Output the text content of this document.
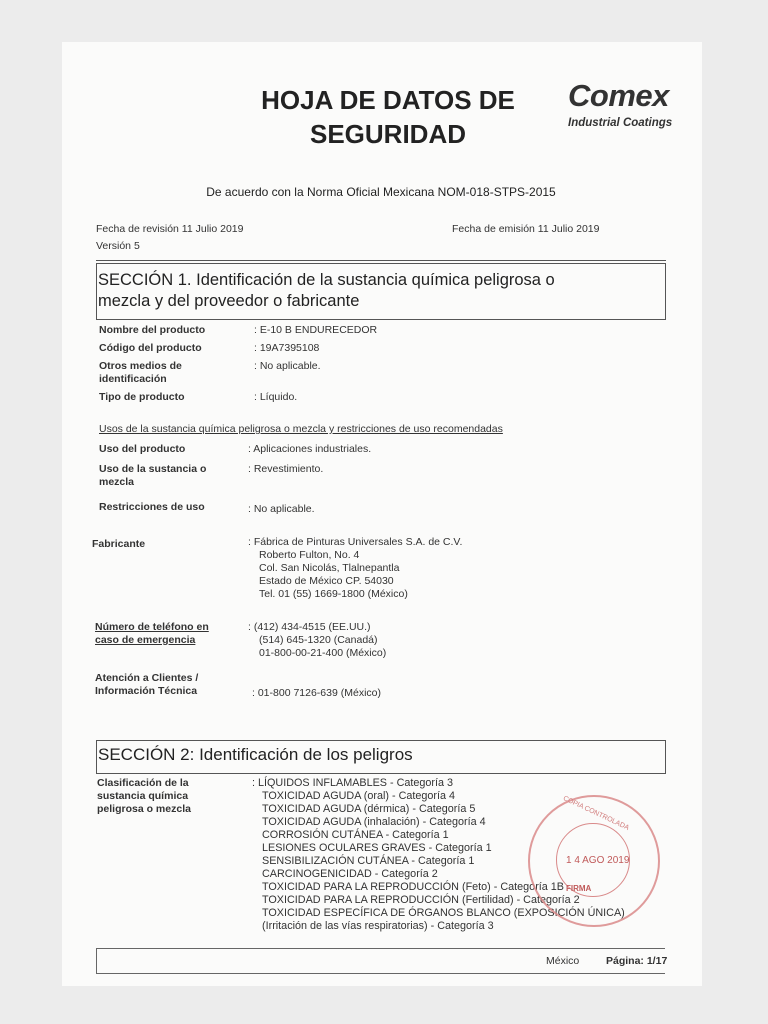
HOJA DE DATOS DE
SEGURIDAD
Comex
Industrial Coatings
De acuerdo con la Norma Oficial Mexicana NOM-018-STPS-2015
Fecha de revisión 11 Julio 2019
Versión 5
Fecha de emisión 11 Julio 2019
SECCIÓN 1. Identificación de la sustancia química peligrosa o
mezcla y del proveedor o fabricante
Nombre del producto	: E-10 B ENDURECEDOR
Código del producto	: 19A7395108
Otros medios de
identificación
: No aplicable.
Tipo de producto	: Líquido.
Usos de la sustancia química peligrosa o mezcla y restricciones de uso recomendadas
Uso del producto	: Aplicaciones industriales.
Uso de la sustancia o
mezcla
: Revestimiento.
Restricciones de uso	: No aplicable.
Fabricante	: Fábrica de Pinturas Universales S.A. de C.V.
Roberto Fulton, No. 4
Col. San Nicolás, Tlalnepantla
Estado de México CP. 54030
Tel. 01 (55) 1669-1800 (México)
Número de teléfono en
caso de emergencia
: (412) 434-4515 (EE.UU.)
(514) 645-1320 (Canadá)
01-800-00-21-400 (México)
Atención a Clientes /
Información Técnica	: 01-800 7126-639 (México)
SECCIÓN 2: Identificación de los peligros
Clasificación de la
sustancia química
peligrosa o mezcla
: LÍQUIDOS INFLAMABLES - Categoría 3
TOXICIDAD AGUDA (oral) - Categoría 4
TOXICIDAD AGUDA (dérmica) - Categoría 5
TOXICIDAD AGUDA (inhalación) - Categoría 4
CORROSIÓN CUTÁNEA - Categoría 1
LESIONES OCULARES GRAVES - Categoría 1
SENSIBILIZACIÓN CUTÁNEA - Categoría 1
CARCINOGENICIDAD - Categoría 2
TOXICIDAD PARA LA REPRODUCCIÓN (Feto) - Categoría 1B
TOXICIDAD PARA LA REPRODUCCIÓN (Fertilidad) - Categoría 2
TOXICIDAD ESPECÍFICA DE ÓRGANOS BLANCO (EXPOSICIÓN ÚNICA)
(Irritación de las vías respiratorias) - Categoría 3
COPIA CONTROLADA
1 4 AGO 2019
FIRMA
México	Página: 1/17
